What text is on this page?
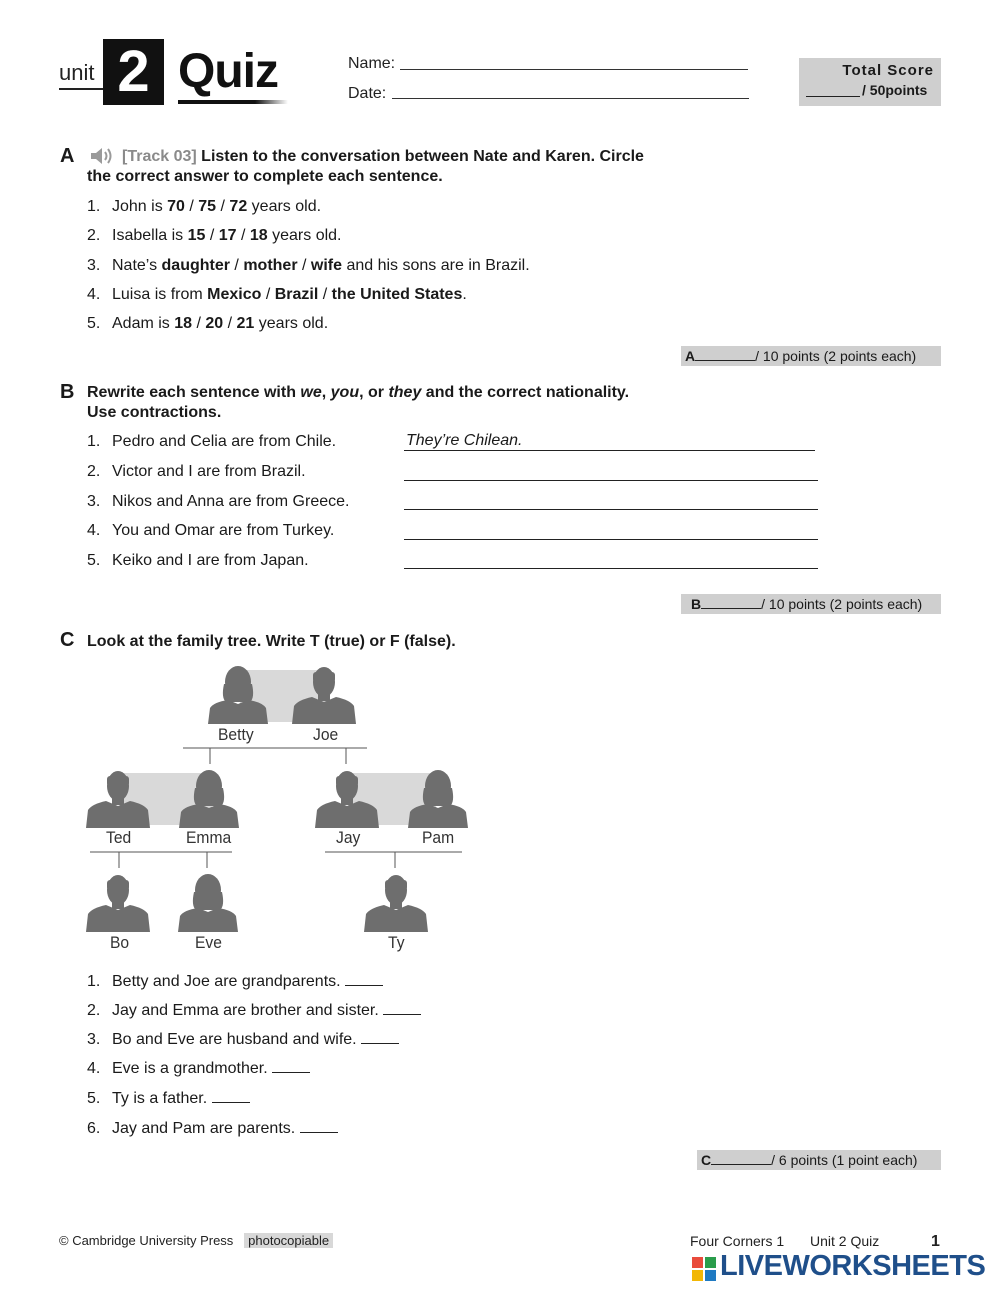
unit 2 Quiz	Name:
Date:
Total Score
/ 50points
A	[Track 03] Listen to the conversation between Nate and Karen. Circle
the correct answer to complete each sentence.
1. John is 70 / 75 / 72 years old.
2. Isabella is 15 / 17 / 18 years old.
3. Nate’s daughter / mother / wife and his sons are in Brazil.
4. Luisa is from Mexico / Brazil / the United States.
5. Adam is 18 / 20 / 21 years old.
A	/ 10 points (2 points each)
B Rewrite each sentence with we, you, or they and the correct nationality.
Use contractions.
1. Pedro and Celia are from Chile.	They’re Chilean.
2. Victor and I are from Brazil.
3. Nikos and Anna are from Greece.
4. You and Omar are from Turkey.
5. Keiko and I are from Japan.
B	/ 10 points (2 points each)
C Look at the family tree. Write T (true) or F (false).
Betty	Joe
Ted	Emma	Jay	Pam
Bo	Eve	Ty
1. Betty and Joe are grandparents.
2. Jay and Emma are brother and sister.
3. Bo and Eve are husband and wife.
4. Eve is a grandmother.
5. Ty is a father.
6. Jay and Pam are parents.
C	/ 6 points (1 point each)
© Cambridge University Press photocopiable	Four Corners 1 Unit 2 Quiz	1
LIVEWORKSHEETS
